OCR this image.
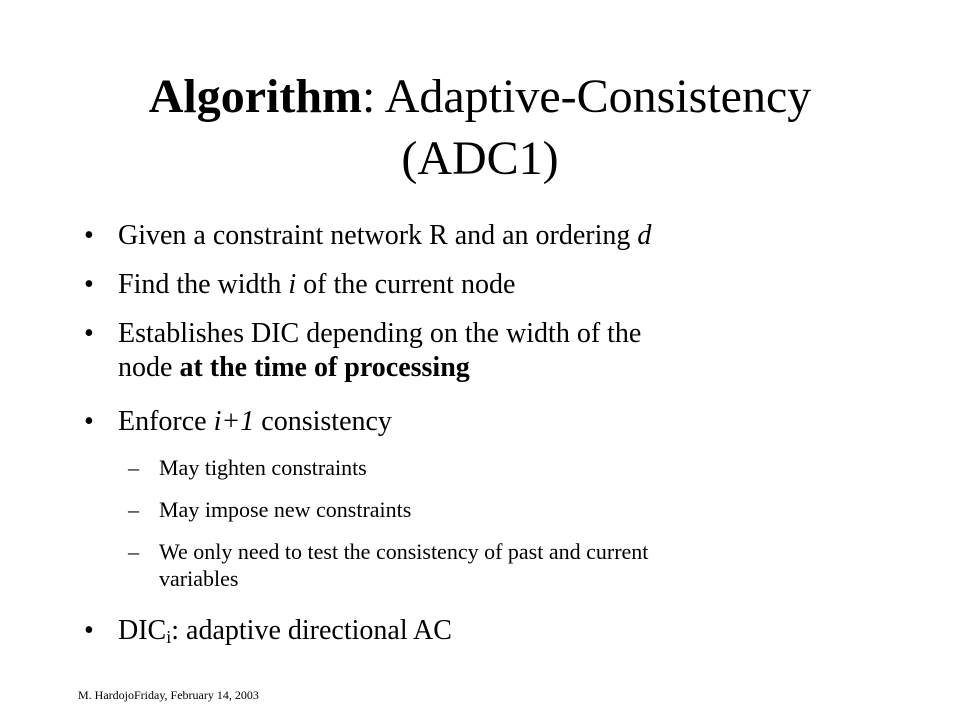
Algorithm: Adaptive-Consistency
(ADC1)
• Given a constraint network R and an ordering d
• Find the width i of the current node
• Establishes DIC depending on the width of the
node at the time of processing
• Enforce i+1 consistency
– May tighten constraints
– May impose new constraints
– We only need to test the consistency of past and current
variables
• $DIC_i$: adaptive directional AC
M. HardojoFriday, February 14, 2003
